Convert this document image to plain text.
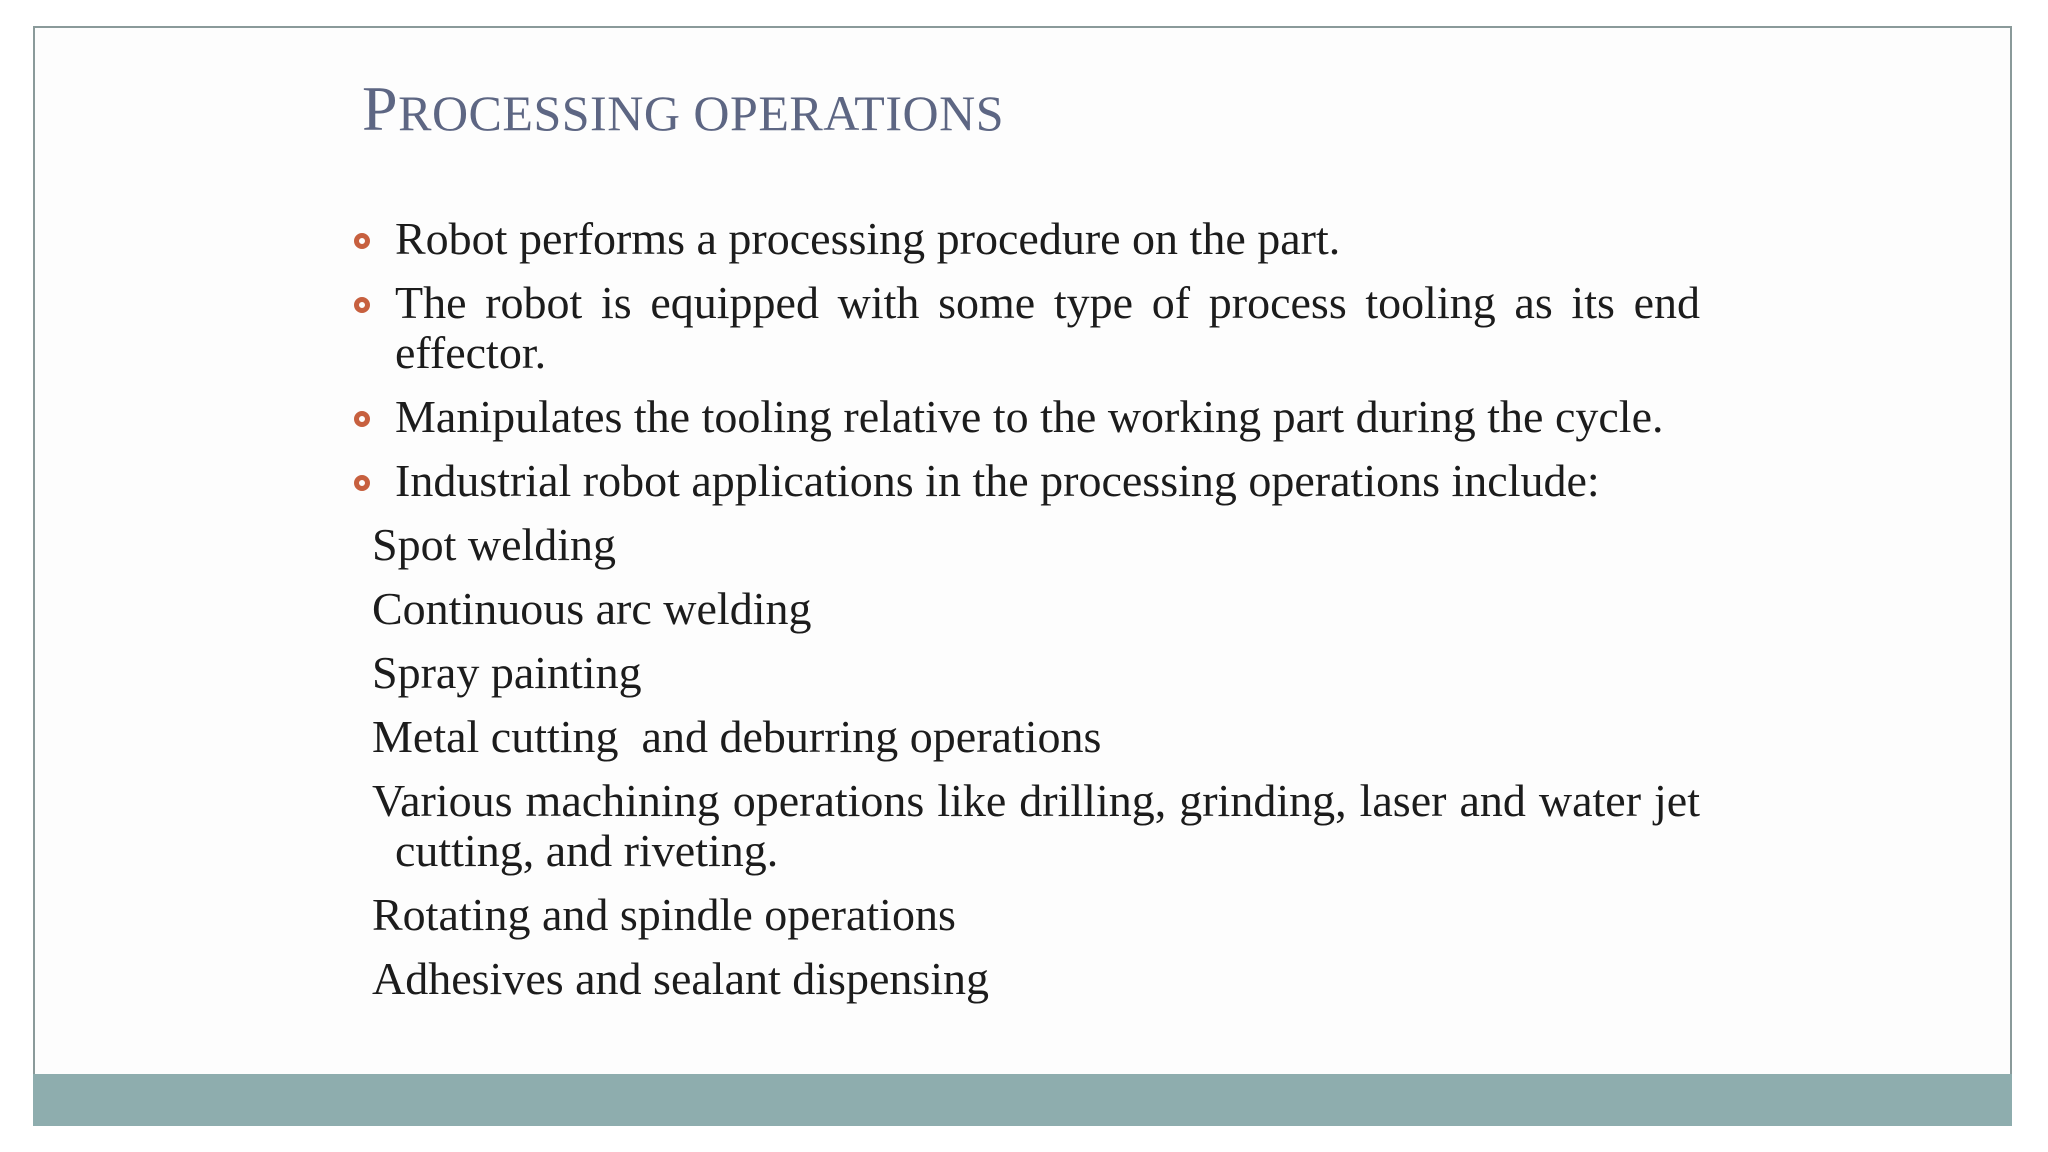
PROCESSING OPERATIONS
Robot performs a processing procedure on the part.
The robot is equipped with some type of process tooling as its end effector.
Manipulates the tooling relative to the working part during the cycle.
Industrial robot applications in the processing operations include:
Spot welding
Continuous arc welding
Spray painting
Metal cutting  and deburring operations
Various machining operations like drilling, grinding, laser and water jet cutting, and riveting.
Rotating and spindle operations
Adhesives and sealant dispensing
